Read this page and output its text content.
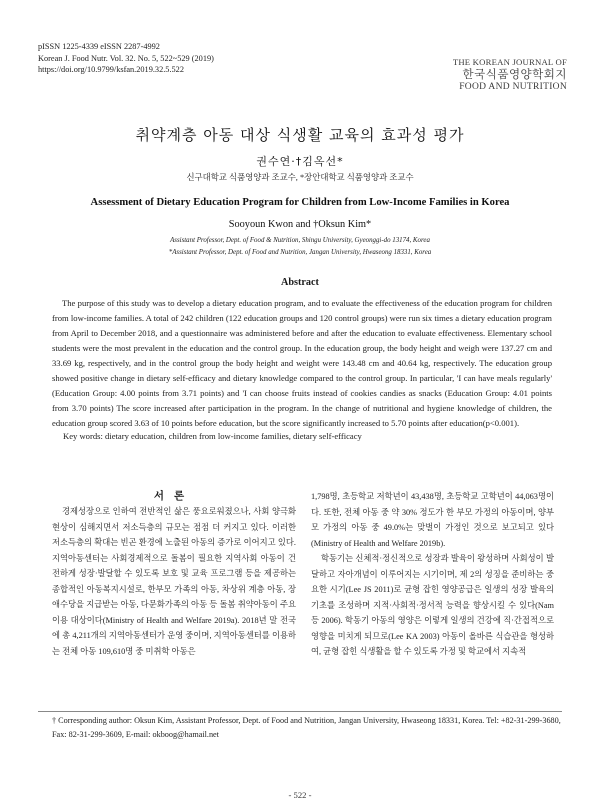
pISSN 1225-4339 eISSN 2287-4992
Korean J. Food Nutr. Vol. 32. No. 5, 522~529 (2019)
https://doi.org/10.9799/ksfan.2019.32.5.522
THE KOREAN JOURNAL OF
한국식품영양학회지
FOOD AND NUTRITION
취약계층 아동 대상 식생활 교육의 효과성 평가
권수연·†김옥선*
신구대학교 식품영양과 조교수, *장안대학교 식품영양과 조교수
Assessment of Dietary Education Program for Children from Low-Income Families in Korea
Sooyoun Kwon and †Oksun Kim*
Assistant Professor, Dept. of Food & Nutrition, Shingu University, Gyeonggi-do 13174, Korea
*Assistant Professor, Dept. of Food and Nutrition, Jangan University, Hwaseong 18331, Korea
Abstract

The purpose of this study was to develop a dietary education program, and to evaluate the effectiveness of the education program for children from low-income families. A total of 242 children (122 education groups and 120 control groups) were run six times a dietary education program from April to December 2018, and a questionnaire was administered before and after the education to evaluate effectiveness. Elementary school students were the most prevalent in the education and the control group. In the education group, the body height and weigh were 137.27 cm and 33.69 kg, respectively, and in the control group the body height and weight were 143.48 cm and 40.64 kg, respectively. The education group showed positive change in dietary self-efficacy and dietary knowledge compared to the control group. In particular, 'I can have meals regularly' (Education Group: 4.00 points from 3.71 points) and 'I can choose fruits instead of cookies candies as snacks (Education Group: 4.01 points from 3.70 points) The score increased after participation in the program. In the change of nutritional and hygiene knowledge of children, the education group scored 3.63 of 10 points before education, but the score significantly increased to 5.70 points after education(p<0.001).

Key words: dietary education, children from low-income families, dietary self-efficacy
서론

경제성장으로 인하여 전반적인 삶은 풍요로워졌으나, 사회 양극화 현상이 심해지면서 저소득층의 규모는 점점 더 커지고 있다. 이러한 저소득층의 확대는 빈곤 환경에 노출된 아동의 증가로 이어지고 있다. 지역아동센터는 사회경제적으로 돌봄이 필요한 지역사회 아동이 건전하게 성장·발달할 수 있도록 보호 및 교육 프로그램 등을 제공하는 종합적인 아동복지시설로, 한부모 가족의 아동, 차상위 계층 아동, 장애수당을 지급받는 아동, 다문화가족의 아동 등 돌봄 취약아동이 주요 이용 대상이다(Ministry of Health and Welfare 2019a). 2018년 말 전국에 총 4,211개의 지역아동센터가 운영 중이며, 지역아동센터를 이용하는 전체 아동 109,610명 중 미취학 아동은

1,798명, 초등학교 저학년이 43,438명, 초등학교 고학년이 44,063명이다. 또한, 전체 아동 중 약 30% 정도가 한 부모 가정의 아동이며, 양부모 가정의 아동 중 49.0%는 맞벌이 가정인 것으로 보고되고 있다(Ministry of Health and Welfare 2019b).

학동기는 신체적·정신적으로 성장과 발육이 왕성하며 사회성이 발달하고 자아개념이 이루어지는 시기이며, 제 2의 성징을 준비하는 중요한 시기(Lee JS 2011)로 균형 잡힌 영양공급은 일생의 성장 발육의 기초를 조성하며 지적·사회적·정서적 능력을 향상시킬 수 있다(Nam 등 2006). 학동기 아동의 영양은 이렇게 일생의 건강에 직·간접적으로 영향을 미치게 되므로(Lee KA 2003) 아동이 올바른 식습관을 형성하여, 균형 잡힌 식생활을 할 수 있도록 가정 및 학교에서 지속적

† Corresponding author: Oksun Kim, Assistant Professor, Dept. of Food and Nutrition, Jangan University, Hwaseong 18331, Korea. Tel: +82-31-299-3680, Fax: 82-31-299-3609, E-mail: okboog@hamail.net
- 522 -
